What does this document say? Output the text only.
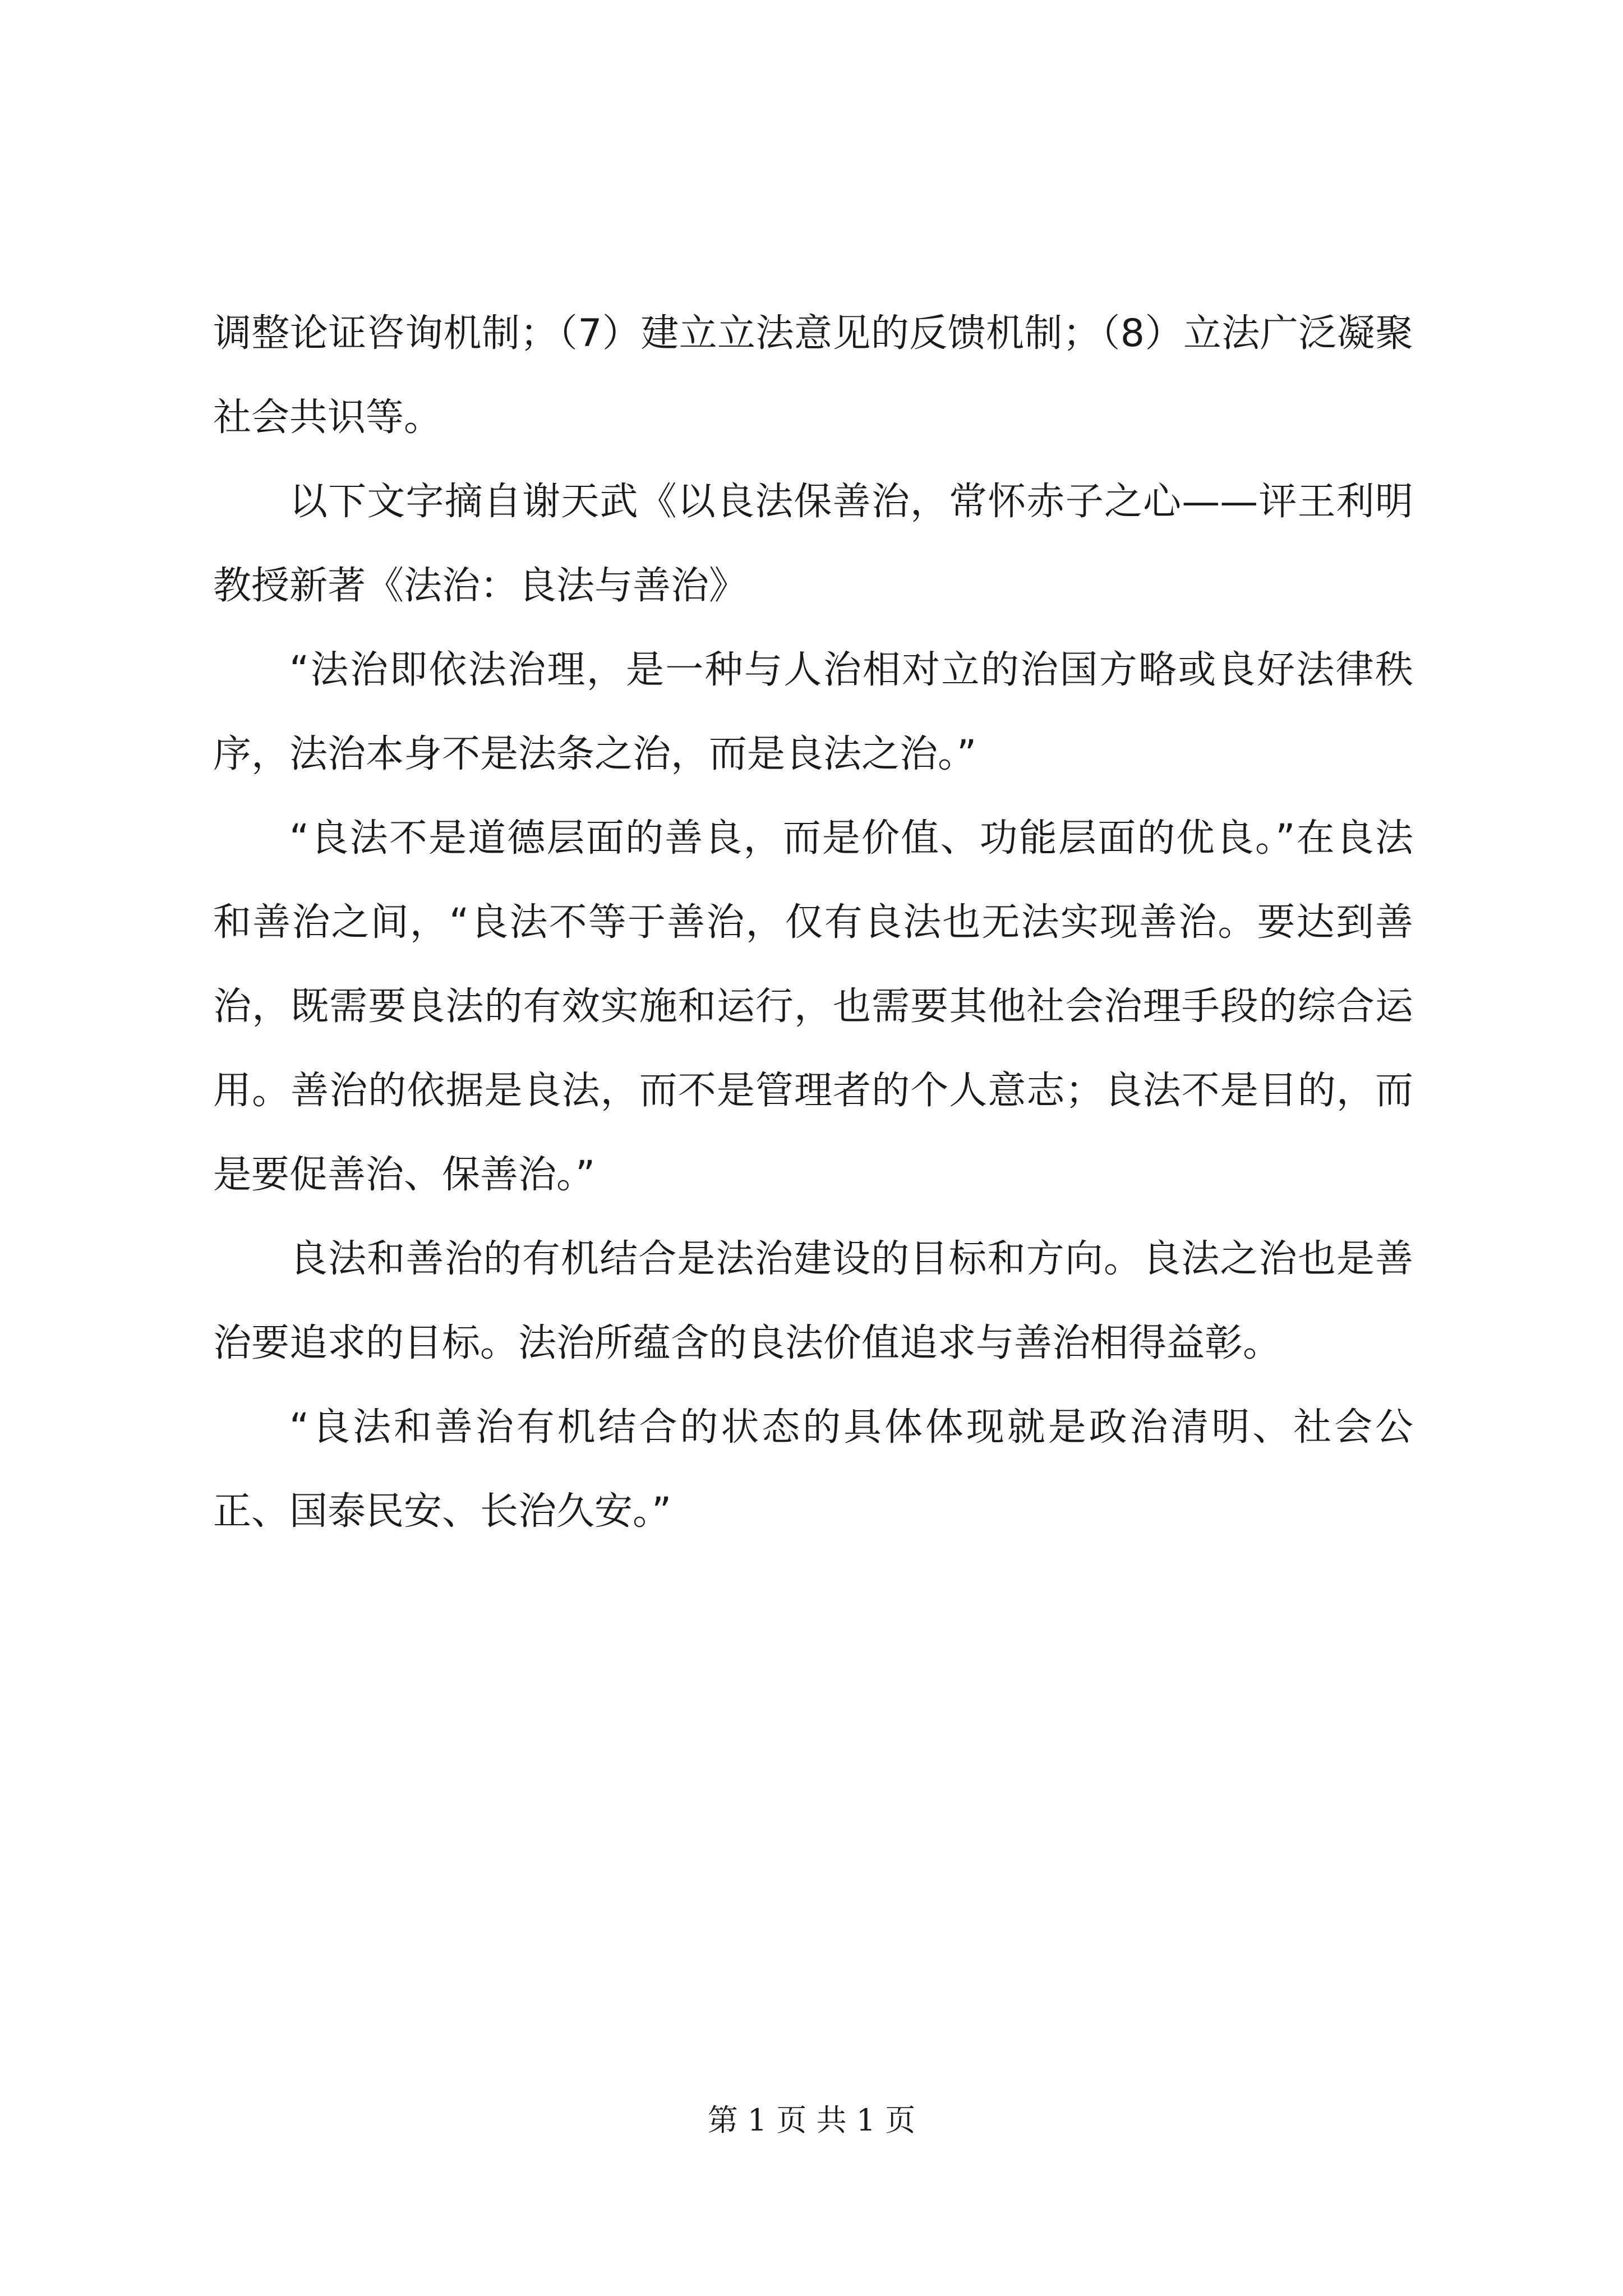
调整论证咨询机制；（7）建立立法意见的反馈机制；（8）立法广泛凝聚社会共识等。

以下文字摘自谢天武《以良法保善治，常怀赤子之心——评王利明教授新著《法治：良法与善治》

“法治即依法治理，是一种与人治相对立的治国方略或良好法律秩序，法治本身不是法条之治，而是良法之治。”

“良法不是道德层面的善良，而是价值、功能层面的优良。”在良法和善治之间，“良法不等于善治，仅有良法也无法实现善治。要达到善治，既需要良法的有效实施和运行，也需要其他社会治理手段的综合运用。善治的依据是良法，而不是管理者的个人意志；良法不是目的，而是要促善治、保善治。”

良法和善治的有机结合是法治建设的目标和方向。良法之治也是善治要追求的目标。法治所蕴含的良法价值追求与善治相得益彰。

“良法和善治有机结合的状态的具体体现就是政治清明、社会公正、国泰民安、长治久安。”

第 1 页 共 1 页
